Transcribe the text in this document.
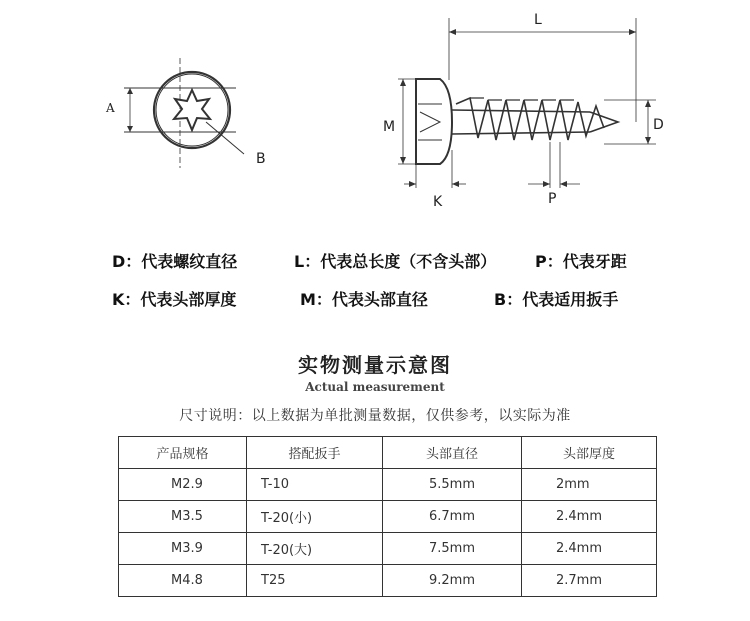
A
B
L
M	D
K	P
D：代表螺纹直径	L：代表总长度（不含头部） P：代表牙距
K：代表头部厚度	M：代表头部直径	B：代表适用扳手
实物测量示意图
Actual measurement
尺寸说明：以上数据为单批测量数据，仅供参考，以实际为准
产品规格	搭配扳手	头部直径	头部厚度
M2.9	T-10	5.5mm	2mm
M3.5	T-20(小)	6.7mm	2.4mm
M3.9	T-20(大)	7.5mm	2.4mm
M4.8	T25	9.2mm	2.7mm
